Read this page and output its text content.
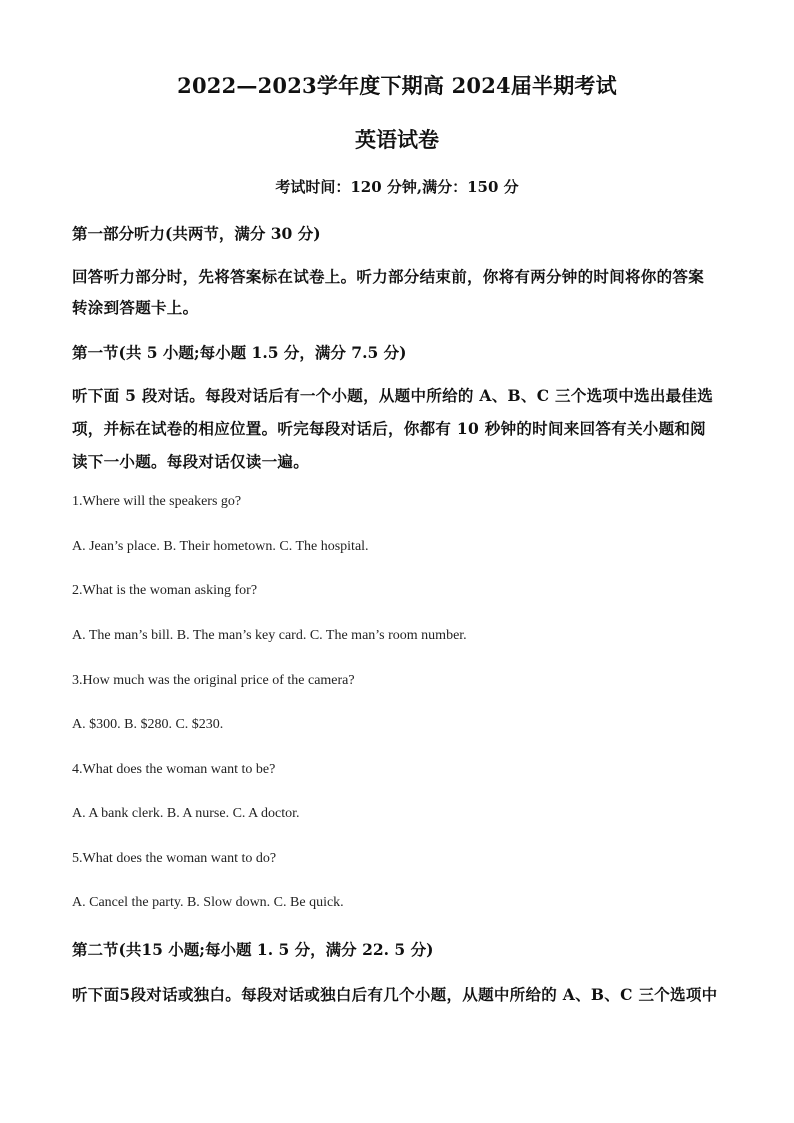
2022—2023学年度下期高 2024届半期考试
英语试卷
考试时间：120 分钟,满分：150 分
第一部分听力(共两节，满分 30 分)
回答听力部分时，先将答案标在试卷上。听力部分结束前，你将有两分钟的时间将你的答案
转涂到答题卡上。
第一节(共 5 小题;每小题 1.5 分，满分 7.5 分)
听下面 5 段对话。每段对话后有一个小题，从题中所给的 A、B、C 三个选项中选出最佳选
项，并标在试卷的相应位置。听完每段对话后，你都有 10 秒钟的时间来回答有关小题和阅
读下一小题。每段对话仅读一遍。
1.Where will the speakers go?
A. Jean’s place. B. Their hometown. C. The hospital.
2.What is the woman asking for?
A. The man’s bill. B. The man’s key card. C. The man’s room number.
3.How much was the original price of the camera?
A. $300. B. $280. C. $230.
4.What does the woman want to be?
A. A bank clerk. B. A nurse. C. A doctor.
5.What does the woman want to do?
A. Cancel the party. B. Slow down. C. Be quick.
第二节(共15 小题;每小题 1. 5 分，满分 22. 5 分)
听下面5段对话或独白。每段对话或独白后有几个小题，从题中所给的 A、B、C 三个选项中
